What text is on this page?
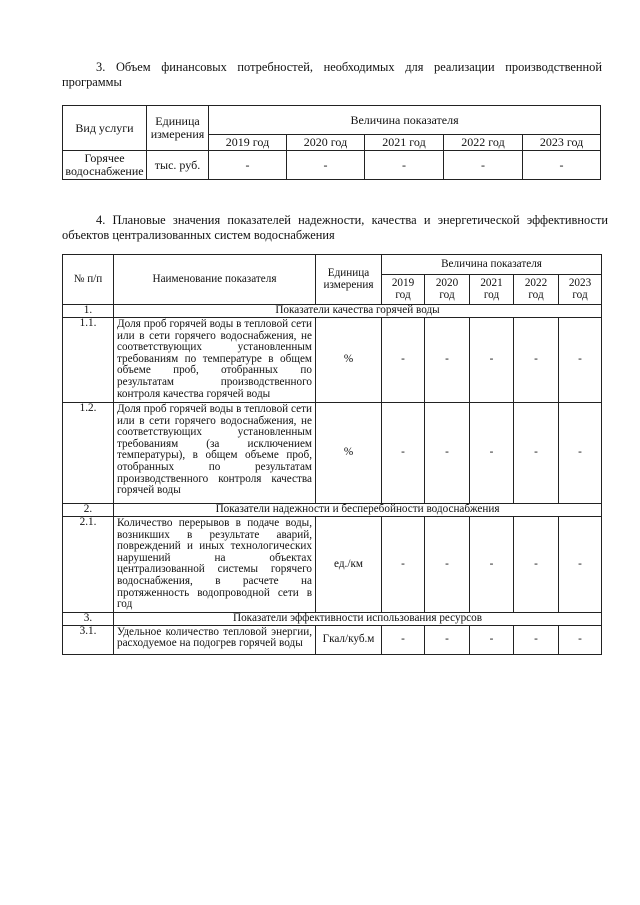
3. Объем финансовых потребностей, необходимых для реализации производственной программы
Вид услуги	Единица измерения	Величина показателя				
		2019 год	2020 год	2021 год	2022 год	2023 год
Горячее водоснабжение	тыс. руб.	-	-	-	-	-
4. Плановые значения показателей надежности, качества и энергетической эффективности объектов централизованных систем водоснабжения
№ п/п	Наименование показателя	Единица измерения	Величина показателя				
			2019 год	2020 год	2021 год	2022 год	2023 год
1.	Показатели качества горячей воды						
1.1.	Доля проб горячей воды в тепловой сети или в сети горячего водоснабжения, не соответствующих установленным требованиям по температуре в общем объеме проб, отобранных по результатам производственного контроля качества горячей воды	%	-	-	-	-	-
1.2.	Доля проб горячей воды в тепловой сети или в сети горячего водоснабжения, не соответствующих установленным требованиям (за исключением температуры), в общем объеме проб, отобранных по результатам производственного контроля качества горячей воды	%	-	-	-	-	-
2.	Показатели надежности и бесперебойности водоснабжения						
2.1.	Количество перерывов в подаче воды, возникших в результате аварий, повреждений и иных технологических нарушений на объектах централизованной системы горячего водоснабжения, в расчете на протяженность водопроводной сети в год	ед./км	-	-	-	-	-
3.	Показатели эффективности использования ресурсов						
3.1.	Удельное количество тепловой энергии, расходуемое на подогрев горячей воды	Гкал/куб.м	-	-	-	-	-
